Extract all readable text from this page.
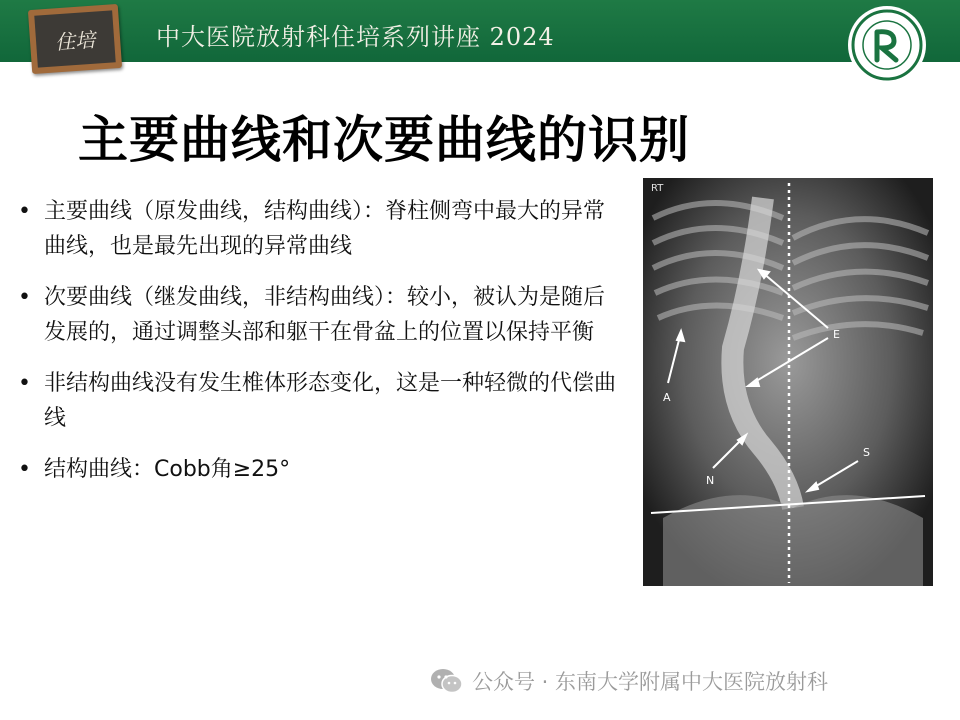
住培	中大医院放射科住培系列讲座 2024
主要曲线和次要曲线的识别
• 主要曲线（原发曲线，结构曲线）：脊柱侧弯中最大的异常曲线，也是最先出现的异常曲线
• 次要曲线（继发曲线，非结构曲线）：较小，被认为是随后发展的，通过调整头部和躯干在骨盆上的位置以保持平衡
• 非结构曲线没有发生椎体形态变化，这是一种轻微的代偿曲线
• 结构曲线：Cobb角≥25°
RT
E
A
N
S
公众号 · 东南大学附属中大医院放射科
